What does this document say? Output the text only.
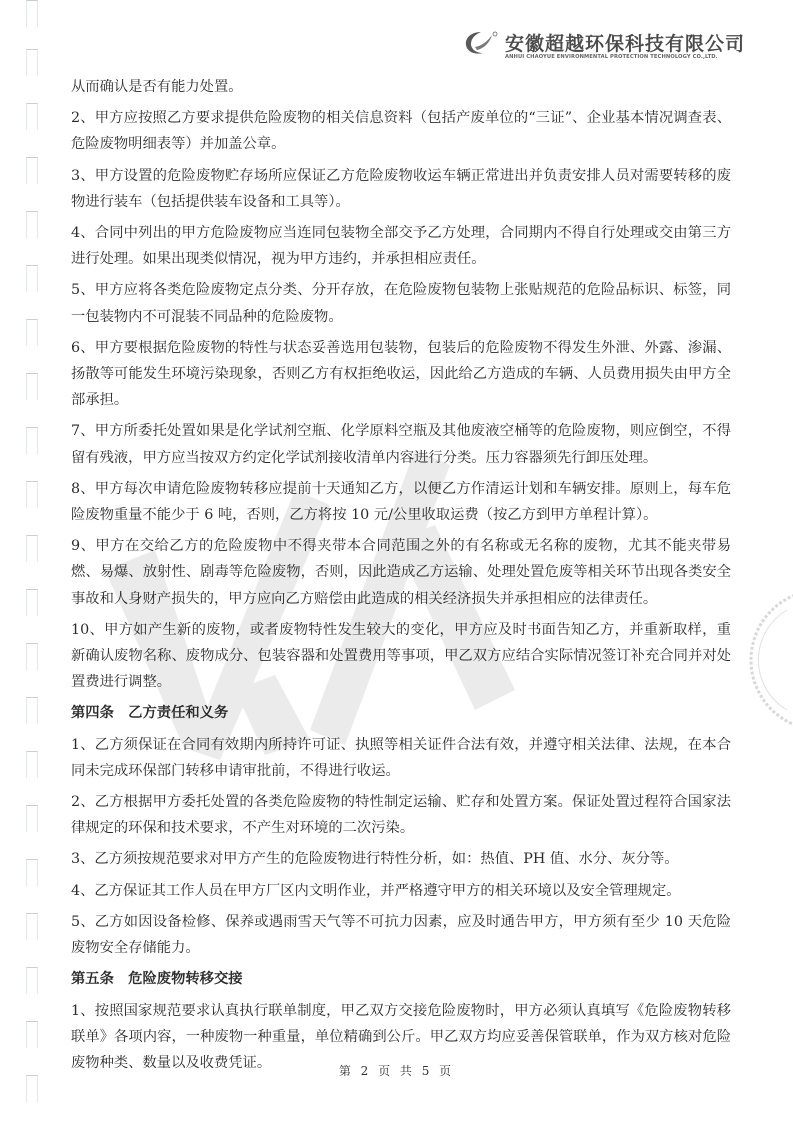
安徽超越环保科技有限公司
ANHUI CHAOYUE ENVIRONMENTAL PROTECTION TECHNOLOGY CO.,LTD.

从而确认是否有能力处置。

2、甲方应按照乙方要求提供危险废物的相关信息资料（包括产废单位的“三证”、企业基本情况调查表、危险废物明细表等）并加盖公章。

3、甲方设置的危险废物贮存场所应保证乙方危险废物收运车辆正常进出并负责安排人员对需要转移的废物进行装车（包括提供装车设备和工具等）。

4、合同中列出的甲方危险废物应当连同包装物全部交予乙方处理，合同期内不得自行处理或交由第三方进行处理。如果出现类似情况，视为甲方违约，并承担相应责任。

5、甲方应将各类危险废物定点分类、分开存放，在危险废物包装物上张贴规范的危险品标识、标签，同一包装物内不可混装不同品种的危险废物。

6、甲方要根据危险废物的特性与状态妥善选用包装物，包装后的危险废物不得发生外泄、外露、渗漏、扬散等可能发生环境污染现象，否则乙方有权拒绝收运，因此给乙方造成的车辆、人员费用损失由甲方全部承担。

7、甲方所委托处置如果是化学试剂空瓶、化学原料空瓶及其他废液空桶等的危险废物，则应倒空，不得留有残液，甲方应当按双方约定化学试剂接收清单内容进行分类。压力容器须先行卸压处理。

8、甲方每次申请危险废物转移应提前十天通知乙方，以便乙方作清运计划和车辆安排。原则上，每车危险废物重量不能少于 6 吨，否则，乙方将按 10 元/公里收取运费（按乙方到甲方单程计算）。

9、甲方在交给乙方的危险废物中不得夹带本合同范围之外的有名称或无名称的废物，尤其不能夹带易燃、易爆、放射性、剧毒等危险废物，否则，因此造成乙方运输、处理处置危废等相关环节出现各类安全事故和人身财产损失的，甲方应向乙方赔偿由此造成的相关经济损失并承担相应的法律责任。

10、甲方如产生新的废物，或者废物特性发生较大的变化，甲方应及时书面告知乙方，并重新取样，重新确认废物名称、废物成分、包装容器和处置费用等事项，甲乙双方应结合实际情况签订补充合同并对处置费进行调整。

第四条　乙方责任和义务

1、乙方须保证在合同有效期内所持许可证、执照等相关证件合法有效，并遵守相关法律、法规，在本合同未完成环保部门转移申请审批前，不得进行收运。

2、乙方根据甲方委托处置的各类危险废物的特性制定运输、贮存和处置方案。保证处置过程符合国家法律规定的环保和技术要求，不产生对环境的二次污染。

3、乙方须按规范要求对甲方产生的危险废物进行特性分析，如：热值、PH 值、水分、灰分等。

4、乙方保证其工作人员在甲方厂区内文明作业，并严格遵守甲方的相关环境以及安全管理规定。

5、乙方如因设备检修、保养或遇雨雪天气等不可抗力因素，应及时通告甲方，甲方须有至少 10 天危险废物安全存储能力。

第五条　危险废物转移交接

1、按照国家规范要求认真执行联单制度，甲乙双方交接危险废物时，甲方必须认真填写《危险废物转移联单》各项内容，一种废物一种重量，单位精确到公斤。甲乙双方均应妥善保管联单，作为双方核对危险废物种类、数量以及收费凭证。

第 2 页 共 5 页
